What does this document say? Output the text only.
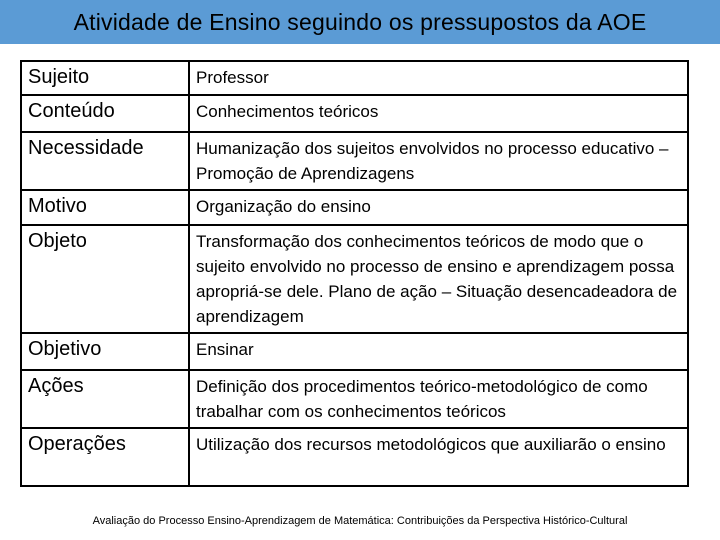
Atividade de Ensino seguindo os pressupostos da AOE
Sujeito	Professor
Conteúdo	Conhecimentos teóricos
Necessidade	Humanização dos sujeitos envolvidos no processo educativo – Promoção de Aprendizagens
Motivo	Organização do ensino
Objeto	Transformação dos conhecimentos teóricos de modo que o sujeito envolvido no processo de ensino e aprendizagem possa apropriá-se dele. Plano de ação – Situação desencadeadora de aprendizagem
Objetivo	Ensinar
Ações	Definição dos procedimentos teórico-metodológico de como trabalhar com os conhecimentos teóricos
Operações	Utilização dos recursos metodológicos que auxiliarão o ensino
Avaliação do Processo Ensino-Aprendizagem de Matemática: Contribuições da Perspectiva Histórico-Cultural
